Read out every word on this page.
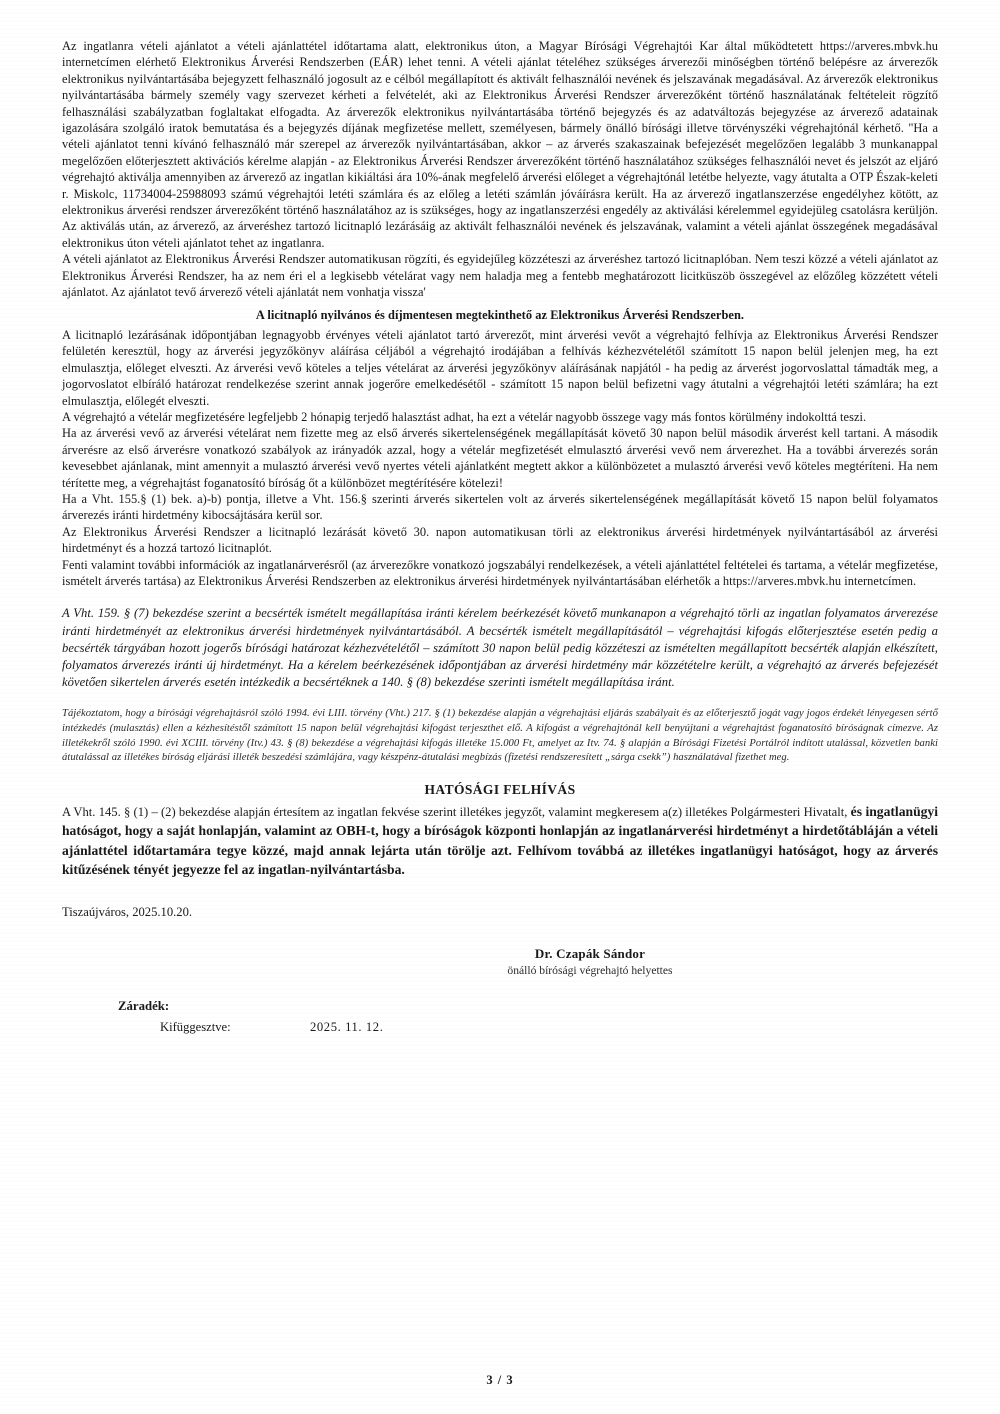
Az ingatlanra vételi ajánlatot a vételi ajánlattétel időtartama alatt, elektronikus úton, a Magyar Bírósági Végrehajtói Kar által működtetett https://arveres.mbvk.hu internetcímen elérhető Elektronikus Árverési Rendszerben (EÁR) lehet tenni. A vételi ajánlat tételéhez szükséges árverezői minőségben történő belépésre az árverezők elektronikus nyilvántartásába bejegyzett felhasználó jogosult az e célból megállapított és aktivált felhasználói nevének és jelszavának megadásával. Az árverezők elektronikus nyilvántartásába bármely személy vagy szervezet kérheti a felvételét, aki az Elektronikus Árverési Rendszer árverezőként történő használatának feltételeit rögzítő felhasználási szabályzatban foglaltakat elfogadta. Az árverezők elektronikus nyilvántartásába történő bejegyzés és az adatváltozás bejegyzése az árverező adatainak igazolására szolgáló iratok bemutatása és a bejegyzés díjának megfizetése mellett, személyesen, bármely önálló bírósági illetve törvényszéki végrehajtónál kérhető. "Ha a vételi ajánlatot tenni kívánó felhasználó már szerepel az árverezők nyilvántartásában, akkor – az árverés szakaszainak befejezését megelőzően legalább 3 munkanappal megelőzően előterjesztett aktivációs kérelme alapján - az Elektronikus Árverési Rendszer árverezőként történő használatához szükséges felhasználói nevet és jelszót az eljáró végrehajtó aktiválja amennyiben az árverező az ingatlan kikiáltási ára 10%-ának megfelelő árverési előleget a végrehajtónál letétbe helyezte, vagy átutalta a OTP Észak-keleti r. Miskolc, 11734004-25988093 számú végrehajtói letéti számlára és az előleg a letéti számlán jóváírásra került. Ha az árverező ingatlanszerzése engedélyhez kötött, az elektronikus árverési rendszer árverezőként történő használatához az is szükséges, hogy az ingatlanszerzési engedély az aktiválási kérelemmel egyidejüleg csatolásra kerüljön. Az aktiválás után, az árverező, az árveréshez tartozó licitnapló lezárásáig az aktivált felhasználói nevének és jelszavának, valamint a vételi ajánlat összegének megadásával elektronikus úton vételi ajánlatot tehet az ingatlanra.

A vételi ajánlatot az Elektronikus Árverési Rendszer automatikusan rögzíti, és egyidejűleg közzéteszi az árveréshez tartozó licitnaplóban. Nem teszi közzé a vételi ajánlatot az Elektronikus Árverési Rendszer, ha az nem éri el a legkisebb vételárat vagy nem haladja meg a fentebb meghatározott licitküszöb összegével az előzőleg közzétett vételi ajánlatot. Az ajánlatot tevő árverező vételi ajánlatát nem vonhatja vissza'

A licitnapló nyilvános és díjmentesen megtekinthető az Elektronikus Árverési Rendszerben.

A licitnapló lezárásának időpontjában legnagyobb érvényes vételi ajánlatot tartó árverezőt, mint árverési vevőt a végrehajtó felhívja az Elektronikus Árverési Rendszer felületén keresztül, hogy az árverési jegyzőkönyv aláírása céljából a végrehajtó irodájában a felhívás kézhezvételétől számított 15 napon belül jelenjen meg, ha ezt elmulasztja, előleget elveszti. Az árverési vevő köteles a teljes vételárat az árverési jegyzőkönyv aláírásának napjától - ha pedig az árverést jogorvoslattal támadták meg, a jogorvoslatot elbíráló határozat rendelkezése szerint annak jogerőre emelkedésétől - számított 15 napon belül befizetni vagy átutalni a végrehajtói letéti számlára; ha ezt elmulasztja, előlegét elveszti.

A végrehajtó a vételár megfizetésére legfeljebb 2 hónapig terjedő halasztást adhat, ha ezt a vételár nagyobb összege vagy más fontos körülmény indokolttá teszi.

Ha az árverési vevő az árverési vételárat nem fizette meg az első árverés sikertelenségének megállapítását követő 30 napon belül második árverést kell tartani. A második árverésre az első árverésre vonatkozó szabályok az irányadók azzal, hogy a vételár megfizetését elmulasztó árverési vevő nem árverezhet. Ha a további árverezés során kevesebbet ajánlanak, mint amennyit a mulasztó árverési vevő nyertes vételi ajánlatként megtett akkor a különbözetet a mulasztó árverési vevő köteles megtéríteni. Ha nem térítette meg, a végrehajtást foganatosító bíróság őt a különbözet megtérítésére kötelezi!

Ha a Vht. 155.§ (1) bek. a)-b) pontja, illetve a Vht. 156.§ szerinti árverés sikertelen volt az árverés sikertelenségének megállapítását követő 15 napon belül folyamatos árverezés iránti hirdetmény kibocsájtására kerül sor.

Az Elektronikus Árverési Rendszer a licitnapló lezárását követő 30. napon automatikusan törli az elektronikus árverési hirdetmények nyilvántartásából az árverési hirdetményt és a hozzá tartozó licitnaplót.

Fenti valamint további információk az ingatlanárverésről (az árverezőkre vonatkozó jogszabályi rendelkezések, a vételi ajánlattétel feltételei és tartama, a vételár megfizetése, ismételt árverés tartása) az Elektronikus Árverési Rendszerben az elektronikus árverési hirdetmények nyilvántartásában elérhetők a https://arveres.mbvk.hu internetcímen.

A Vht. 159. § (7) bekezdése szerint a becsérték ismételt megállapítása iránti kérelem beérkezését követő munkanapon a végrehajtó törli az ingatlan folyamatos árverezése iránti hirdetményét az elektronikus árverési hirdetmények nyilvántartásából. A becsérték ismételt megállapításától – végrehajtási kifogás előterjesztése esetén pedig a becsérték tárgyában hozott jogerős bírósági határozat kézhezvételétől – számított 30 napon belül pedig közzéteszi az ismételten megállapított becsérték alapján elkészített, folyamatos árverezés iránti új hirdetményt. Ha a kérelem beérkezésének időpontjában az árverési hirdetmény már közzétételre került, a végrehajtó az árverés befejezését követően sikertelen árverés esetén intézkedik a becsértéknek a 140. § (8) bekezdése szerinti ismételt megállapítása iránt.

Tájékoztatom, hogy a bírósági végrehajtásról szóló 1994. évi LIII. törvény (Vht.) 217. § (1) bekezdése alapján a végrehajtási eljárás szabályait és az előterjesztő jogát vagy jogos érdekét lényegesen sértő intézkedés (mulasztás) ellen a kézhesítéstől számított 15 napon belül végrehajtási kifogást terjeszthet elő. A kifogást a végrehajtónál kell benyújtani a végrehajtást foganatosító bíróságnak címezve. Az illetékekről szóló 1990. évi XCIII. törvény (Itv.) 43. § (8) bekezdése a végrehajtási kifogás illetéke 15.000 Ft, amelyet az Itv. 74. § alapján a Bírósági Fizetési Portálról indított utalással, közvetlen banki átutalással az illetékes bíróság eljárási illeték beszedési számlájára, vagy készpénz-átutalási megbízás (fizetési rendszeresített „sárga csekk”) használatával fizethet meg.

HATÓSÁGI FELHÍVÁS

A Vht. 145. § (1) – (2) bekezdése alapján értesítem az ingatlan fekvése szerint illetékes jegyzőt, valamint megkeresem a(z) illetékes Polgármesteri Hivatalt, és ingatlanügyi hatóságot, hogy a saját honlapján, valamint az OBH-t, hogy a bíróságok központi honlapján az ingatlanárverési hirdetményt a hirdetőtábláján a vételi ajánlattétel időtartamára tegye közzé, majd annak lejárta után törölje azt. Felhívom továbbá az illetékes ingatlanügyi hatóságot, hogy az árverés kitűzésének tényét jegyezze fel az ingatlan-nyilvántartásba.

Tiszaújváros, 2025.10.20.
Dr. Czapák Sándor
önálló bírósági végrehajtó helyettes
Záradék:
Kifüggesztve:	2025. 11. 12.
3 / 3
